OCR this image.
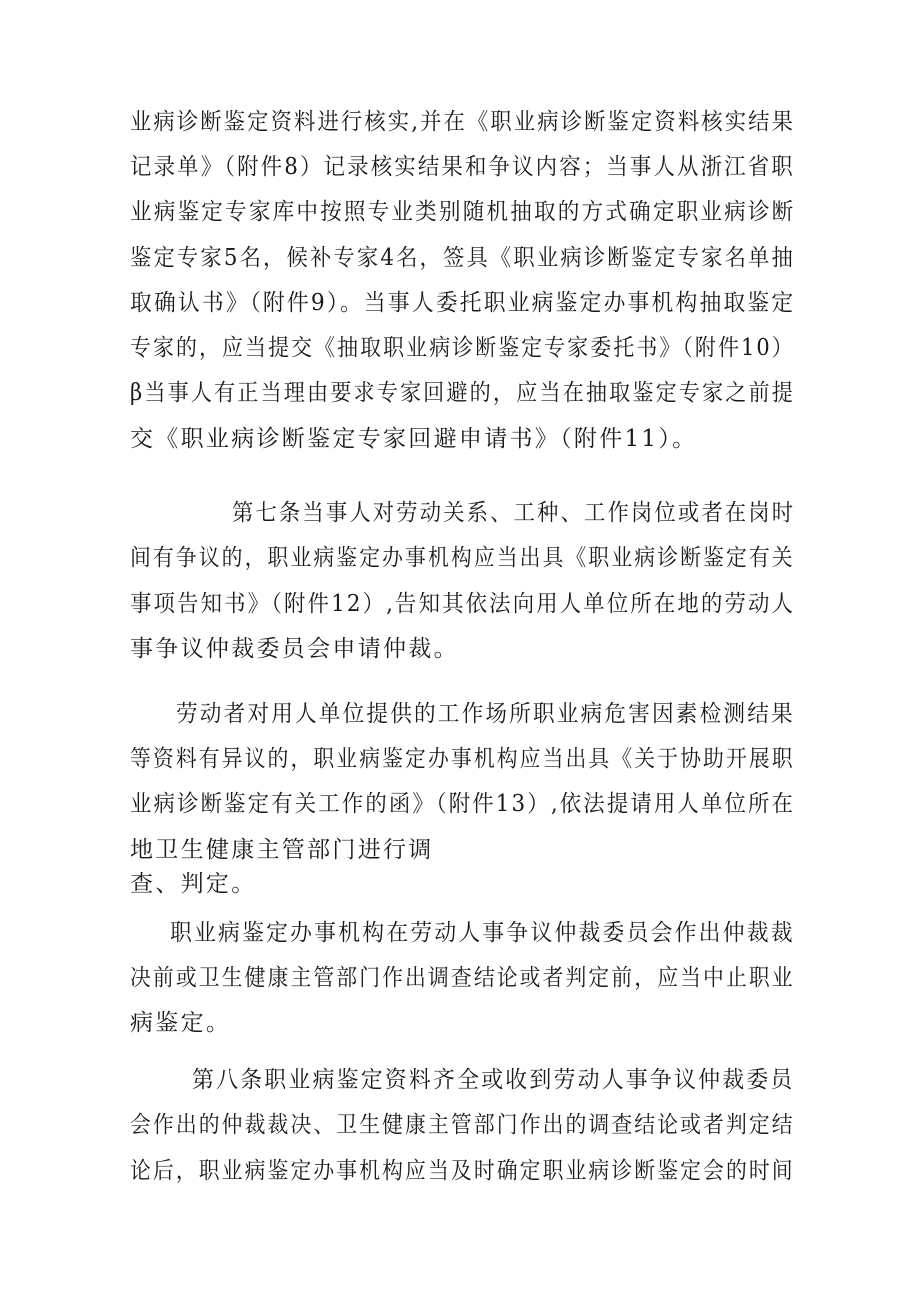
业病诊断鉴定资料进行核实,并在《职业病诊断鉴定资料核实结果
记录单》（附件8）记录核实结果和争议内容；当事人从浙江省职
业病鉴定专家库中按照专业类别随机抽取的方式确定职业病诊断
鉴定专家5名，候补专家4名，签具《职业病诊断鉴定专家名单抽
取确认书》（附件9）。当事人委托职业病鉴定办事机构抽取鉴定
专家的，应当提交《抽取职业病诊断鉴定专家委托书》（附件10）
β当事人有正当理由要求专家回避的，应当在抽取鉴定专家之前提
交《职业病诊断鉴定专家回避申请书》（附件11）。
第七条当事人对劳动关系、工种、工作岗位或者在岗时
间有争议的，职业病鉴定办事机构应当出具《职业病诊断鉴定有关
事项告知书》（附件12）,告知其依法向用人单位所在地的劳动人
事争议仲裁委员会申请仲裁。
劳动者对用人单位提供的工作场所职业病危害因素检测结果
等资料有异议的，职业病鉴定办事机构应当出具《关于协助开展职
业病诊断鉴定有关工作的函》（附件13）,依法提请用人单位所在
地卫生健康主管部门进行调
查、判定。
职业病鉴定办事机构在劳动人事争议仲裁委员会作出仲裁裁
决前或卫生健康主管部门作出调查结论或者判定前，应当中止职业
病鉴定。
第八条职业病鉴定资料齐全或收到劳动人事争议仲裁委员
会作出的仲裁裁决、卫生健康主管部门作出的调查结论或者判定结
论后，职业病鉴定办事机构应当及时确定职业病诊断鉴定会的时间
